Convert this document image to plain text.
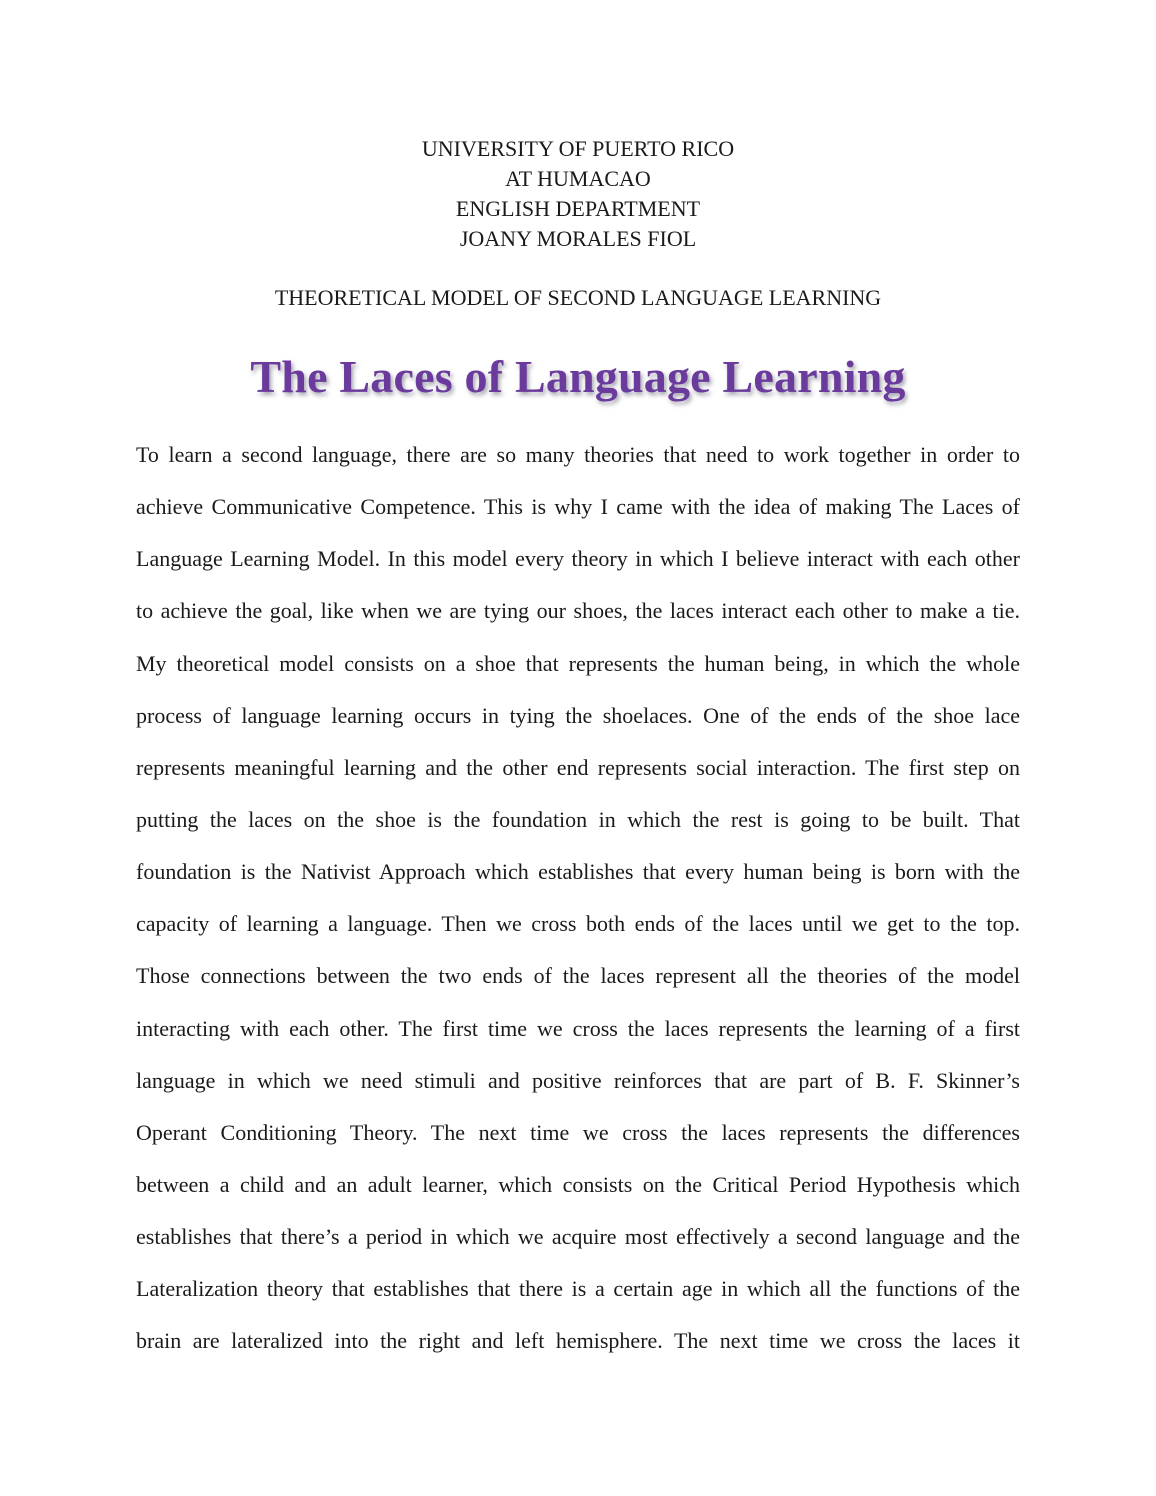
UNIVERSITY OF PUERTO RICO
AT HUMACAO
ENGLISH DEPARTMENT
JOANY MORALES FIOL
THEORETICAL MODEL OF SECOND LANGUAGE LEARNING
The Laces of Language Learning
To learn a second language, there are so many theories that need to work together in order to
achieve Communicative Competence. This is why I came with the idea of making The Laces of
Language Learning Model. In this model every theory in which I believe interact with each other
to achieve the goal, like when we are tying our shoes, the laces interact each other to make a tie.
My theoretical model consists on a shoe that represents the human being, in which the whole
process of language learning occurs in tying the shoelaces. One of the ends of the shoe lace
represents meaningful learning and the other end represents social interaction. The first step on
putting the laces on the shoe is the foundation in which the rest is going to be built. That
foundation is the Nativist Approach which establishes that every human being is born with the
capacity of learning a language. Then we cross both ends of the laces until we get to the top.
Those connections between the two ends of the laces represent all the theories of the model
interacting with each other. The first time we cross the laces represents the learning of a first
language in which we need stimuli and positive reinforces that are part of B. F. Skinner’s
Operant Conditioning Theory. The next time we cross the laces represents the differences
between a child and an adult learner, which consists on the Critical Period Hypothesis which
establishes that there’s a period in which we acquire most effectively a second language and the
Lateralization theory that establishes that there is a certain age in which all the functions of the
brain are lateralized into the right and left hemisphere. The next time we cross the laces it
